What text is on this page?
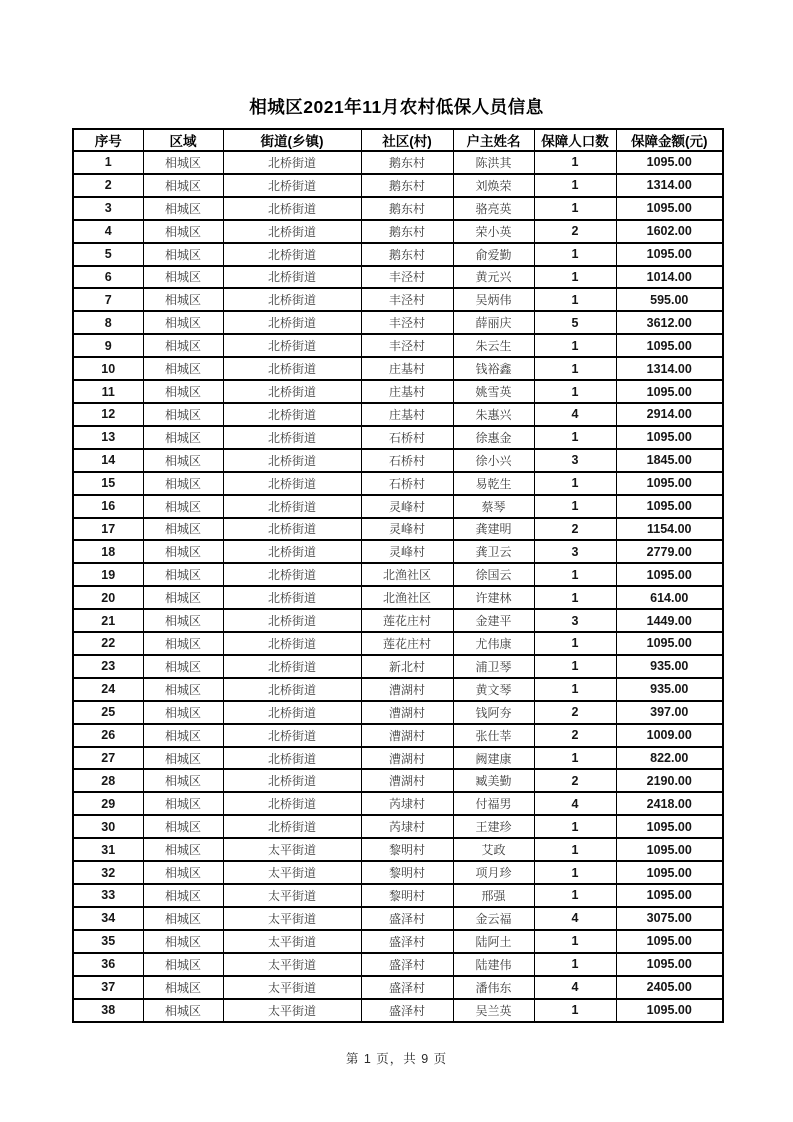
相城区2021年11月农村低保人员信息
序号	区域	街道(乡镇)	社区(村)	户主姓名	保障人口数	保障金额(元)
1	相城区	北桥街道	鹅东村	陈洪其	1	1095.00
2	相城区	北桥街道	鹅东村	刘焕荣	1	1314.00
3	相城区	北桥街道	鹅东村	骆亮英	1	1095.00
4	相城区	北桥街道	鹅东村	荣小英	2	1602.00
5	相城区	北桥街道	鹅东村	俞爱勤	1	1095.00
6	相城区	北桥街道	丰泾村	黄元兴	1	1014.00
7	相城区	北桥街道	丰泾村	吴炳伟	1	595.00
8	相城区	北桥街道	丰泾村	薛丽庆	5	3612.00
9	相城区	北桥街道	丰泾村	朱云生	1	1095.00
10	相城区	北桥街道	庄基村	钱裕鑫	1	1314.00
11	相城区	北桥街道	庄基村	姚雪英	1	1095.00
12	相城区	北桥街道	庄基村	朱惠兴	4	2914.00
13	相城区	北桥街道	石桥村	徐惠金	1	1095.00
14	相城区	北桥街道	石桥村	徐小兴	3	1845.00
15	相城区	北桥街道	石桥村	易乾生	1	1095.00
16	相城区	北桥街道	灵峰村	蔡琴	1	1095.00
17	相城区	北桥街道	灵峰村	龚建明	2	1154.00
18	相城区	北桥街道	灵峰村	龚卫云	3	2779.00
19	相城区	北桥街道	北渔社区	徐国云	1	1095.00
20	相城区	北桥街道	北渔社区	许建林	1	614.00
21	相城区	北桥街道	莲花庄村	金建平	3	1449.00
22	相城区	北桥街道	莲花庄村	尤伟康	1	1095.00
23	相城区	北桥街道	新北村	浦卫琴	1	935.00
24	相城区	北桥街道	漕湖村	黄文琴	1	935.00
25	相城区	北桥街道	漕湖村	钱阿夯	2	397.00
26	相城区	北桥街道	漕湖村	张仕莘	2	1009.00
27	相城区	北桥街道	漕湖村	阙建康	1	822.00
28	相城区	北桥街道	漕湖村	臧美勤	2	2190.00
29	相城区	北桥街道	芮埭村	付福男	4	2418.00
30	相城区	北桥街道	芮埭村	王建珍	1	1095.00
31	相城区	太平街道	黎明村	艾政	1	1095.00
32	相城区	太平街道	黎明村	项月珍	1	1095.00
33	相城区	太平街道	黎明村	邢强	1	1095.00
34	相城区	太平街道	盛泽村	金云福	4	3075.00
35	相城区	太平街道	盛泽村	陆阿土	1	1095.00
36	相城区	太平街道	盛泽村	陆建伟	1	1095.00
37	相城区	太平街道	盛泽村	潘伟东	4	2405.00
38	相城区	太平街道	盛泽村	吴兰英	1	1095.00
第 1 页，共 9 页
